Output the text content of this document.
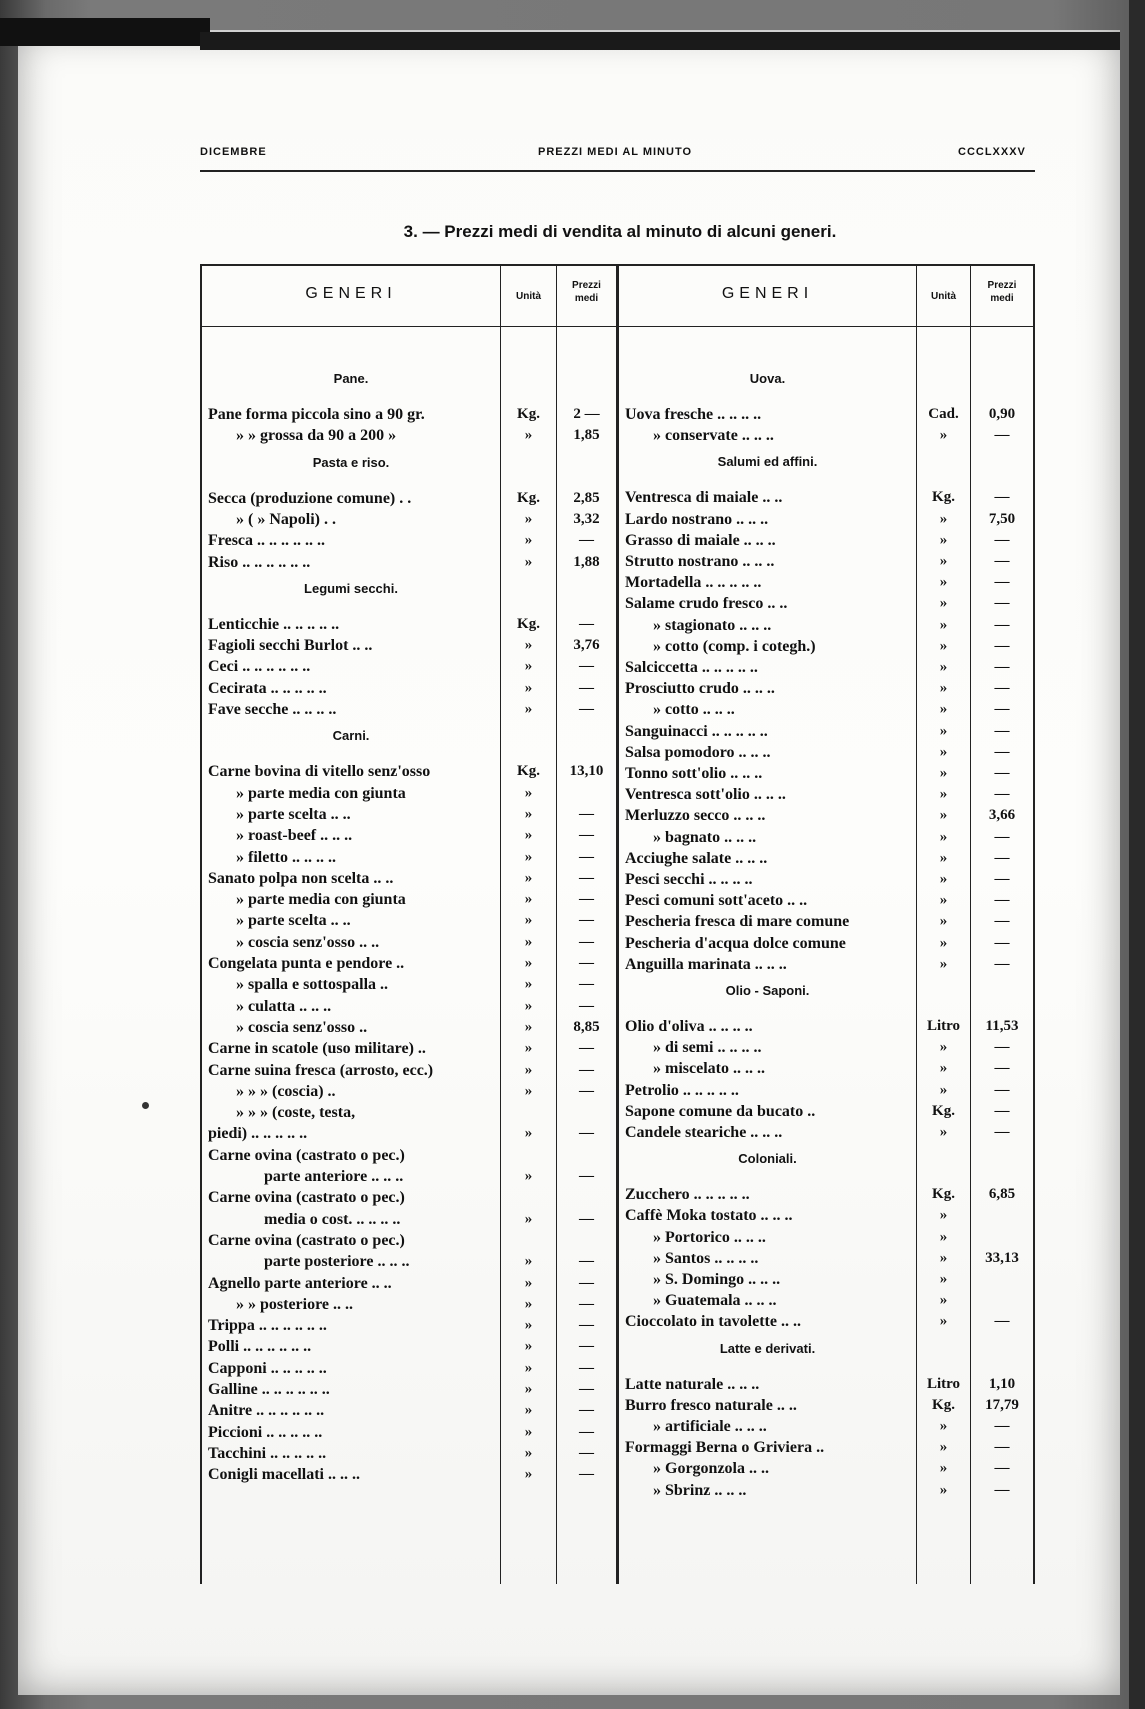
DICEMBRE	PREZZI MEDI AL MINUTO	CCCLXXXV
3. — Prezzi medi di vendita al minuto di alcuni generi.
GENERI	Unità
Prezzi
medi	GENERI	Unità
Prezzi
medi
Pane.
Pane forma piccola sino a 90 gr.	Kg.	2 —
» » grossa da 90 a 200 »	»	1,85
Pasta e riso.
Secca (produzione comune) . .	Kg.	2,85
» ( » Napoli) . .	»	3,32
Fresca .. .. .. .. .. ..	»	—
Riso .. .. .. .. .. ..	»	1,88
Legumi secchi.
Lenticchie .. .. .. .. ..	Kg.	—
Fagioli secchi Burlot .. ..	»	3,76
Ceci .. .. .. .. .. ..	»	—
Cecirata .. .. .. .. ..	»	—
Fave secche .. .. .. ..	»	—
Carni.
Carne bovina di vitello senz'osso	Kg.	13,10
» parte media con giunta	»
» parte scelta .. ..	»	—
» roast-beef .. .. ..	»	—
» filetto .. .. .. ..	»	—
Sanato polpa non scelta .. ..	»	—
» parte media con giunta	»	—
» parte scelta .. ..	»	—
» coscia senz'osso .. ..	»	—
Congelata punta e pendore ..	»	—
» spalla e sottospalla ..	»	—
» culatta .. .. ..	»	—
» coscia senz'osso ..	»	8,85
Carne in scatole (uso militare) ..	»	—
Carne suina fresca (arrosto, ecc.)	»	—
» » » (coscia) ..	»	—
» » » (coste, testa,
piedi) .. .. .. .. ..	»	—
Carne ovina (castrato o pec.)
parte anteriore .. .. ..	»	—
Carne ovina (castrato o pec.)
media o cost. .. .. .. ..	»	—
Carne ovina (castrato o pec.)
parte posteriore .. .. ..	»	—
Agnello parte anteriore .. ..	»	—
» » posteriore .. ..	»	—
Trippa .. .. .. .. .. ..	»	—
Polli .. .. .. .. .. ..	»	—
Capponi .. .. .. .. ..	»	—
Galline .. .. .. .. .. ..	»	—
Anitre .. .. .. .. .. ..	»	—
Piccioni .. .. .. .. ..	»	—
Tacchini .. .. .. .. ..	»	—
Conigli macellati .. .. ..	»	—
Uova.
Uova fresche .. .. .. ..	Cad.	0,90
» conservate .. .. ..	»	—
Salumi ed affini.
Ventresca di maiale .. ..	Kg.	—
Lardo nostrano .. .. ..	»	7,50
Grasso di maiale .. .. ..	»	—
Strutto nostrano .. .. ..	»	—
Mortadella .. .. .. .. ..	»	—
Salame crudo fresco .. ..	»	—
» stagionato .. .. ..	»	—
» cotto (comp. i cotegh.)	»	—
Salciccetta .. .. .. .. ..	»	—
Prosciutto crudo .. .. ..	»	—
» cotto .. .. ..	»	—
Sanguinacci .. .. .. .. ..	»	—
Salsa pomodoro .. .. ..	»	—
Tonno sott'olio .. .. ..	»	—
Ventresca sott'olio .. .. ..	»	—
Merluzzo secco .. .. ..	»	3,66
» bagnato .. .. ..	»	—
Acciughe salate .. .. ..	»	—
Pesci secchi .. .. .. ..	»	—
Pesci comuni sott'aceto .. ..	»	—
Pescheria fresca di mare comune	»	—
Pescheria d'acqua dolce comune	»	—
Anguilla marinata .. .. ..	»	—
Olio - Saponi.
Olio d'oliva .. .. .. ..	Litro	11,53
» di semi .. .. .. ..	»	—
» miscelato .. .. ..	»	—
Petrolio .. .. .. .. ..	»	—
Sapone comune da bucato ..	Kg.	—
Candele steariche .. .. ..	»	—
Coloniali.
Zucchero .. .. .. .. ..	Kg.	6,85
Caffè Moka tostato .. .. ..	»
» Portorico .. .. ..	»
» Santos .. .. .. ..	»	33,13
» S. Domingo .. .. ..	»
» Guatemala .. .. ..	»
Cioccolato in tavolette .. ..	»	—
Latte e derivati.
Latte naturale .. .. ..	Litro	1,10
Burro fresco naturale .. ..	Kg.	17,79
» artificiale .. .. ..	»	—
Formaggi Berna o Griviera ..	»	—
» Gorgonzola .. ..	»	—
» Sbrinz .. .. ..	»	—
